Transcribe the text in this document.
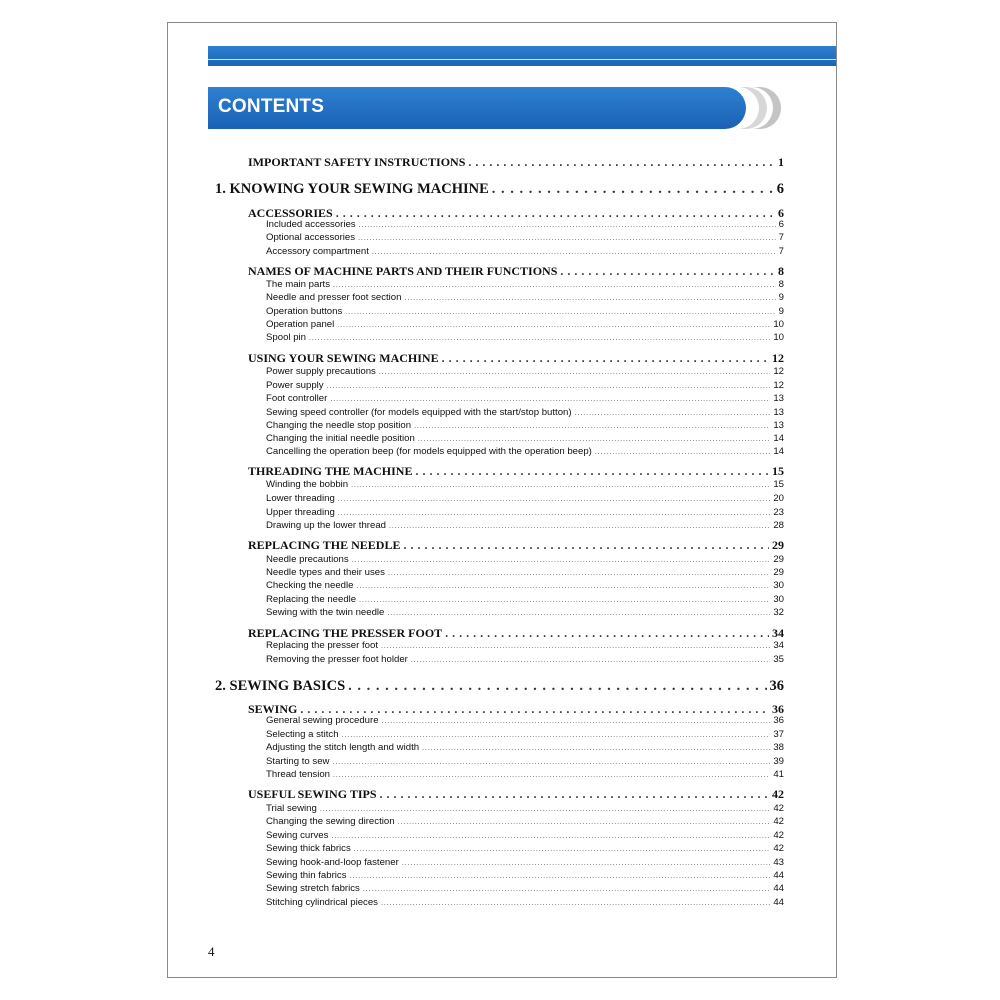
CONTENTS
IMPORTANT SAFETY INSTRUCTIONS . . .	1
1. KNOWING YOUR SEWING MACHINE . . .	6
ACCESSORIES . . .	6
Included accessories . . .	6
Optional accessories . . .	7
Accessory compartment . . .	7
NAMES OF MACHINE PARTS AND THEIR FUNCTIONS . . .	8
The main parts . . .	8
Needle and presser foot section . . .	9
Operation buttons . . .	9
Operation panel . . .	10
Spool pin . . .	10
USING YOUR SEWING MACHINE . . .	12
Power supply precautions . . .	12
Power supply . . .	12
Foot controller . . .	13
Sewing speed controller (for models equipped with the start/stop button) . . .	13
Changing the needle stop position . . .	13
Changing the initial needle position . . .	14
Cancelling the operation beep (for models equipped with the operation beep) . . .	14
THREADING THE MACHINE . . .	15
Winding the bobbin . . .	15
Lower threading . . .	20
Upper threading . . .	23
Drawing up the lower thread . . .	28
REPLACING THE NEEDLE . . .	29
Needle precautions . . .	29
Needle types and their uses . . .	29
Checking the needle . . .	30
Replacing the needle . . .	30
Sewing with the twin needle . . .	32
REPLACING THE PRESSER FOOT . . .	34
Replacing the presser foot . . .	34
Removing the presser foot holder . . .	35
2. SEWING BASICS . . .	36
SEWING . . .	36
General sewing procedure . . .	36
Selecting a stitch . . .	37
Adjusting the stitch length and width . . .	38
Starting to sew . . .	39
Thread tension . . .	41
USEFUL SEWING TIPS . . .	42
Trial sewing . . .	42
Changing the sewing direction . . .	42
Sewing curves . . .	42
Sewing thick fabrics . . .	42
Sewing hook-and-loop fastener . . .	43
Sewing thin fabrics . . .	44
Sewing stretch fabrics . . .	44
Stitching cylindrical pieces . . .	44
4
